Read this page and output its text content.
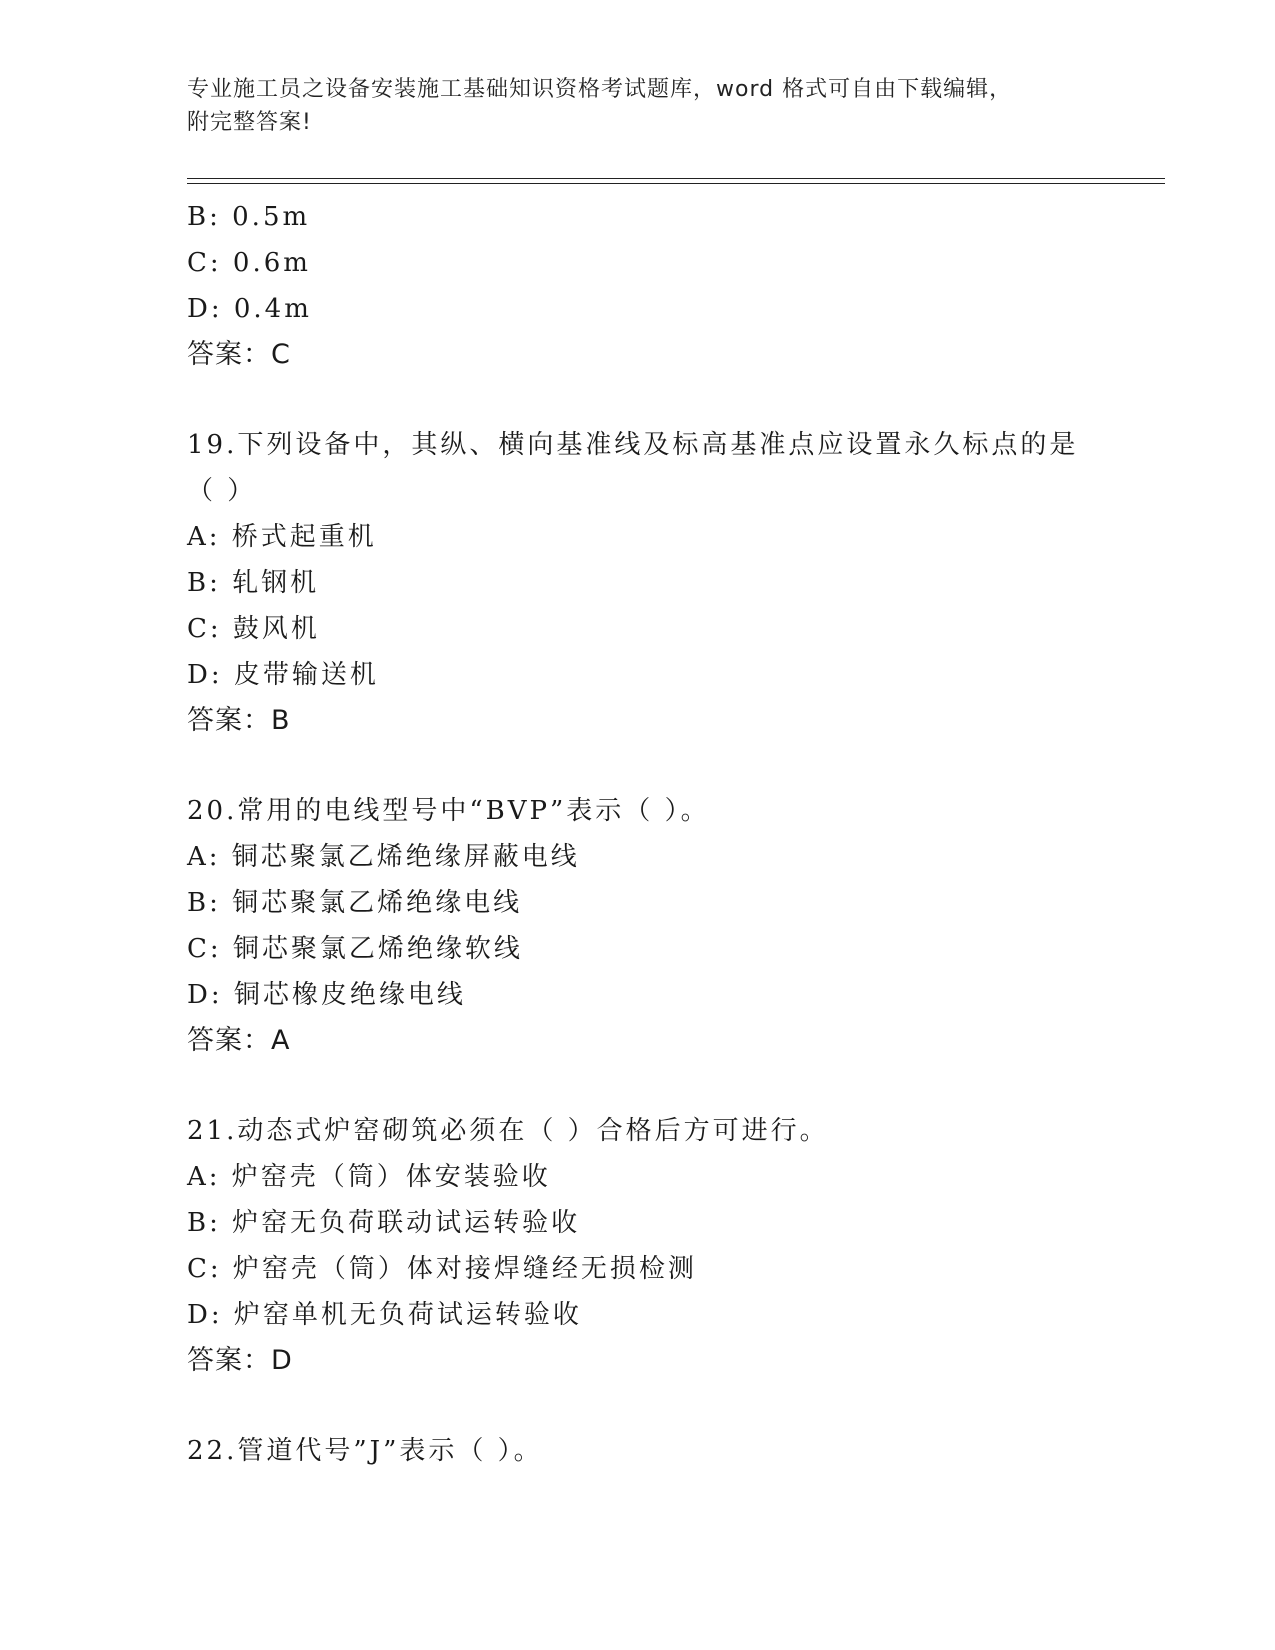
专业施工员之设备安装施工基础知识资格考试题库，word 格式可自由下载编辑，
附完整答案!
B: 0.5m
C: 0.6m
D: 0.4m
答案：C
19.下列设备中，其纵、横向基准线及标高基准点应设置永久标点的是
（ ）
A: 桥式起重机
B: 轧钢机
C: 鼓风机
D: 皮带输送机
答案：B
20.常用的电线型号中“BVP”表示（ ）。
A: 铜芯聚氯乙烯绝缘屏蔽电线
B: 铜芯聚氯乙烯绝缘电线
C: 铜芯聚氯乙烯绝缘软线
D: 铜芯橡皮绝缘电线
答案：A
21.动态式炉窑砌筑必须在（ ）合格后方可进行。
A: 炉窑壳（筒）体安装验收
B: 炉窑无负荷联动试运转验收
C: 炉窑壳（筒）体对接焊缝经无损检测
D: 炉窑单机无负荷试运转验收
答案：D
22.管道代号”J”表示（ ）。
